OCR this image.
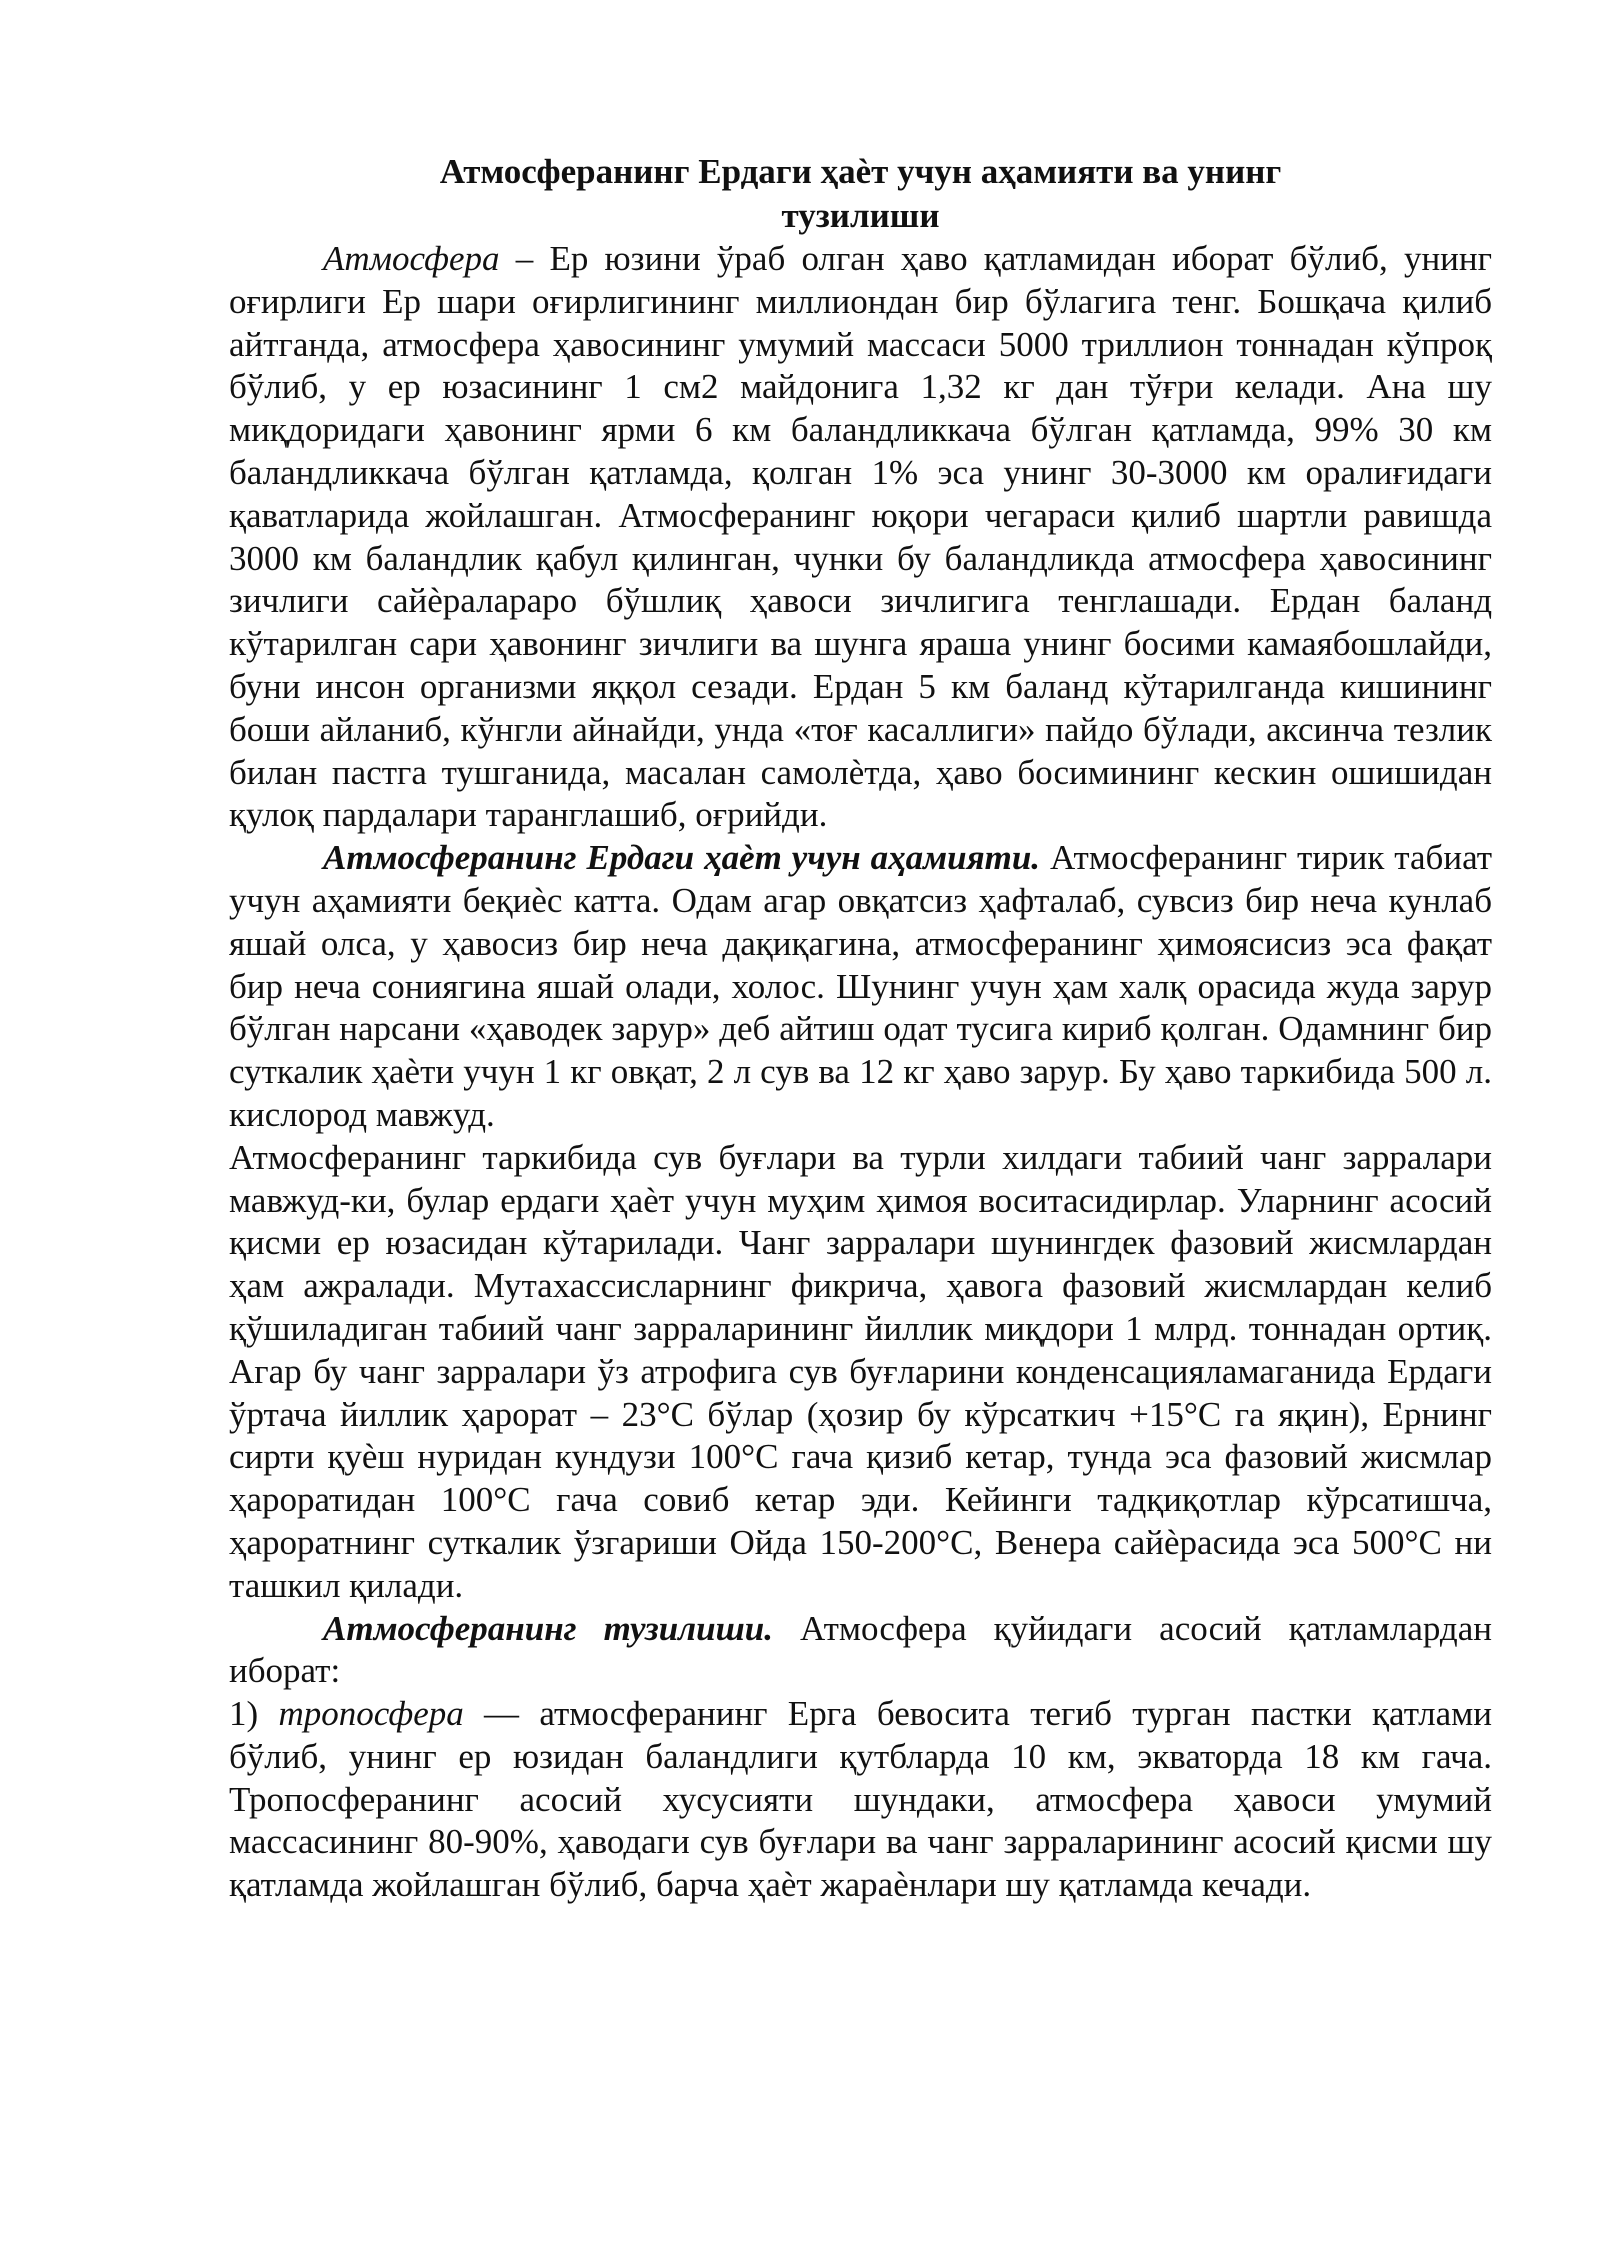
Атмосферанинг Ердаги ҳаѐт учун аҳамияти ва унинг
тузилиши

Атмосфера – Ер юзини ўраб олган ҳаво қатламидан иборат бўлиб, унинг оғирлиги Ер шари оғирлигининг миллиондан бир бўлагига тенг. Бошқача қилиб айтганда, атмосфера ҳавосининг умумий массаси 5000 триллион тоннадан кўпроқ бўлиб, у ер юзасининг 1 см2 майдонига 1,32 кг дан тўғри келади. Ана шу миқдоридаги ҳавонинг ярми 6 км баландликкача бўлган қатламда, 99% 30 км баландликкача бўлган қатламда, қолган 1% эса унинг 30-3000 км оралиғидаги қаватларида жойлашган. Атмосферанинг юқори чегараси қилиб шартли равишда 3000 км баландлик қабул қилинган, чунки бу баландликда атмосфера ҳавосининг зичлиги сайѐралараро бўшлиқ ҳавоси зичлигига тенглашади. Ердан баланд кўтарилган сари ҳавонинг зичлиги ва шунга яраша унинг босими камаябошлайди, буни инсон организми яққол сезади. Ердан 5 км баланд кўтарилганда кишининг боши айланиб, кўнгли айнайди, унда «тоғ касаллиги» пайдо бўлади, аксинча тезлик билан пастга тушганида, масалан самолѐтда, ҳаво босимининг кескин ошишидан қулоқ пардалари таранглашиб, оғрийди.

Атмосферанинг Ердаги ҳаѐт учун аҳамияти. Атмосферанинг тирик табиат учун аҳамияти беқиѐс катта. Одам агар овқатсиз ҳафталаб, сувсиз бир неча кунлаб яшай олса, у ҳавосиз бир неча дақиқагина, атмосферанинг ҳимоясисиз эса фақат бир неча сониягина яшай олади, холос. Шунинг учун ҳам халқ орасида жуда зарур бўлган нарсани «ҳаводек зарур» деб айтиш одат тусига кириб қолган. Одамнинг бир суткалик ҳаѐти учун 1 кг овқат, 2 л сув ва 12 кг ҳаво зарур. Бу ҳаво таркибида 500 л. кислород мавжуд.

Атмосферанинг таркибида сув буғлари ва турли хилдаги табиий чанг зарралари мавжуд-ки, булар ердаги ҳаѐт учун муҳим ҳимоя воситасидирлар. Уларнинг асосий қисми ер юзасидан кўтарилади. Чанг зарралари шунингдек фазовий жисмлардан ҳам ажралади. Мутахассисларнинг фикрича, ҳавога фазовий жисмлардан келиб қўшиладиган табиий чанг зарраларининг йиллик миқдори 1 млрд. тоннадан ортиқ. Агар бу чанг зарралари ўз атрофига сув буғларини конденсацияламаганида Ердаги ўртача йиллик ҳарорат – 23°С бўлар (ҳозир бу кўрсаткич +15°С га яқин), Ернинг сирти қуѐш нуридан кундузи 100°С гача қизиб кетар, тунда эса фазовий жисмлар ҳароратидан 100°С гача совиб кетар эди. Кейинги тадқиқотлар кўрсатишча, ҳароратнинг суткалик ўзгариши Ойда 150-200°С, Венера сайѐрасида эса 500°С ни ташкил қилади.

Атмосферанинг тузилиши. Атмосфера қуйидаги асосий қатламлардан иборат:

1) тропосфера — атмосферанинг Ерга бевосита тегиб турган пастки қатлами бўлиб, унинг ер юзидан баландлиги қутбларда 10 км, экваторда 18 км гача. Тропосферанинг асосий хусусияти шундаки, атмосфера ҳавоси умумий массасининг 80-90%, ҳаводаги сув буғлари ва чанг зарраларининг асосий қисми шу қатламда жойлашган бўлиб, барча ҳаѐт жараѐнлари шу қатламда кечади.
